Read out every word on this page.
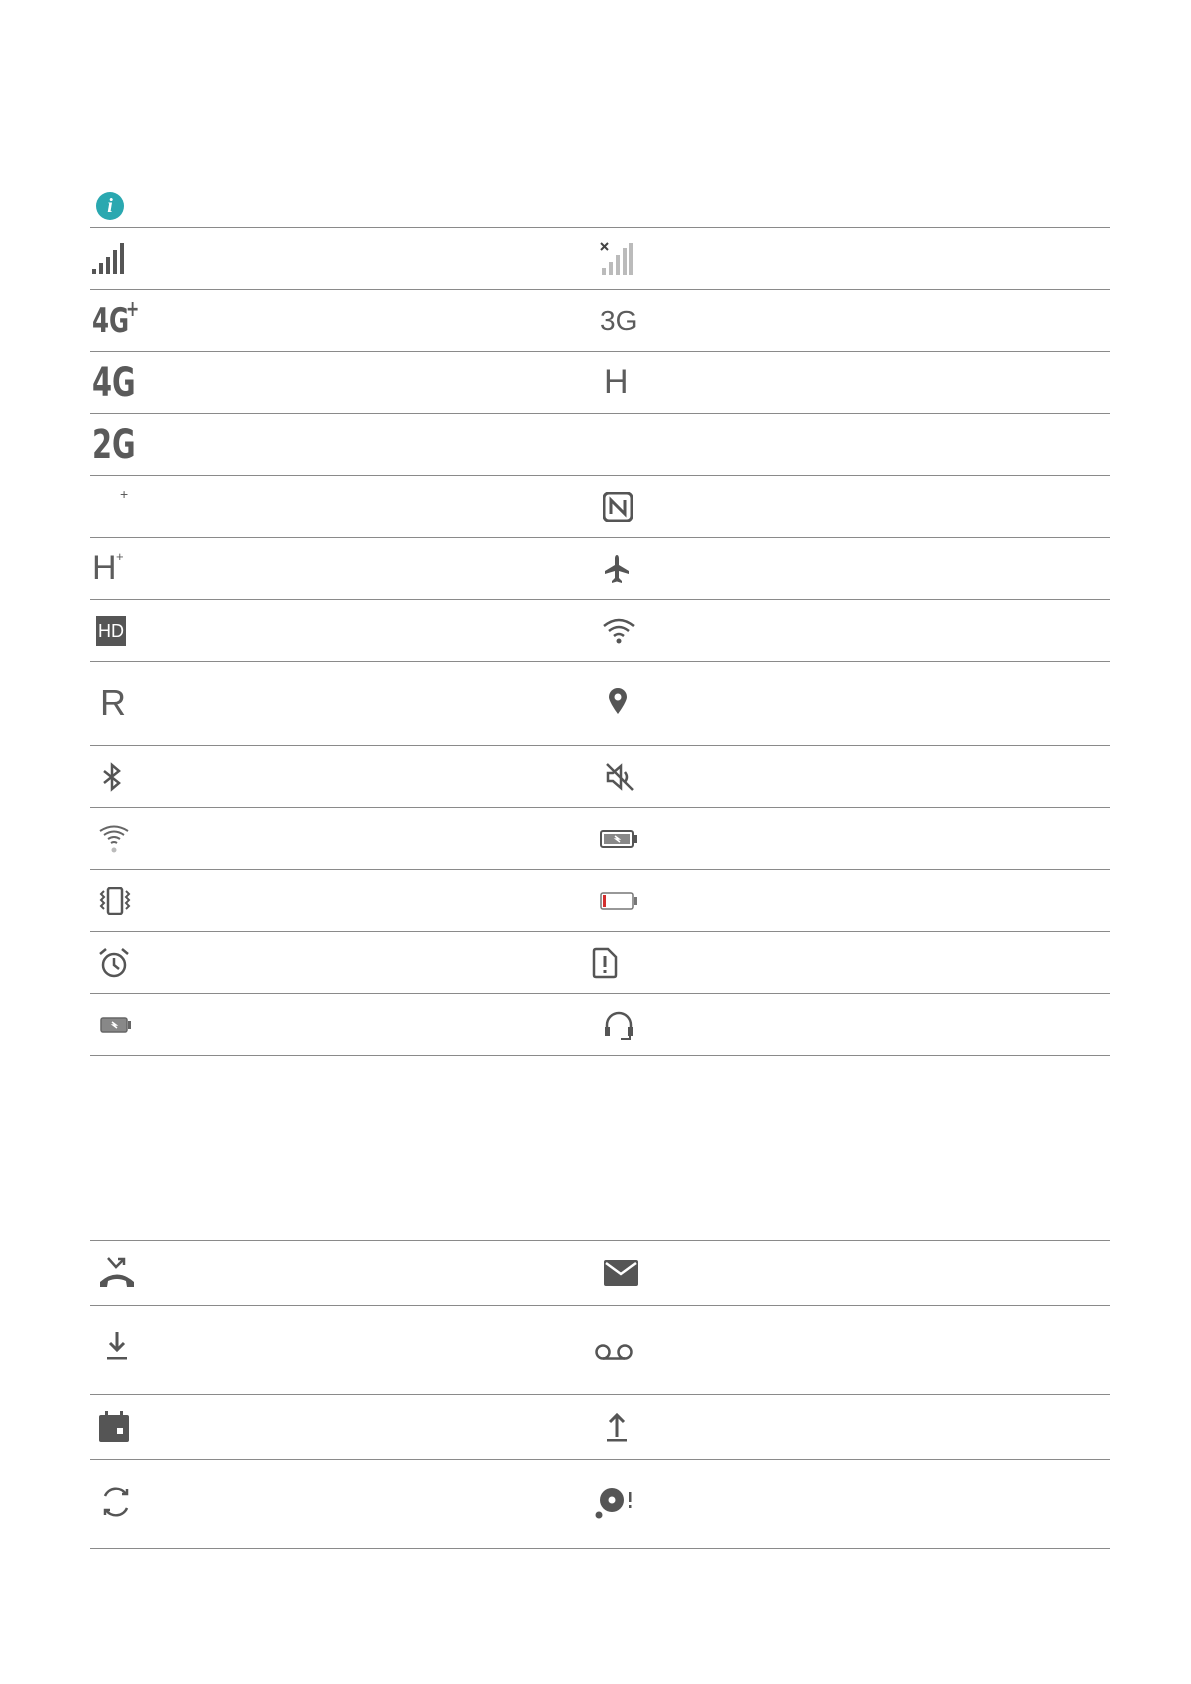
i
4G
+	3G
4G	H
2G
+
H +
HD
R
